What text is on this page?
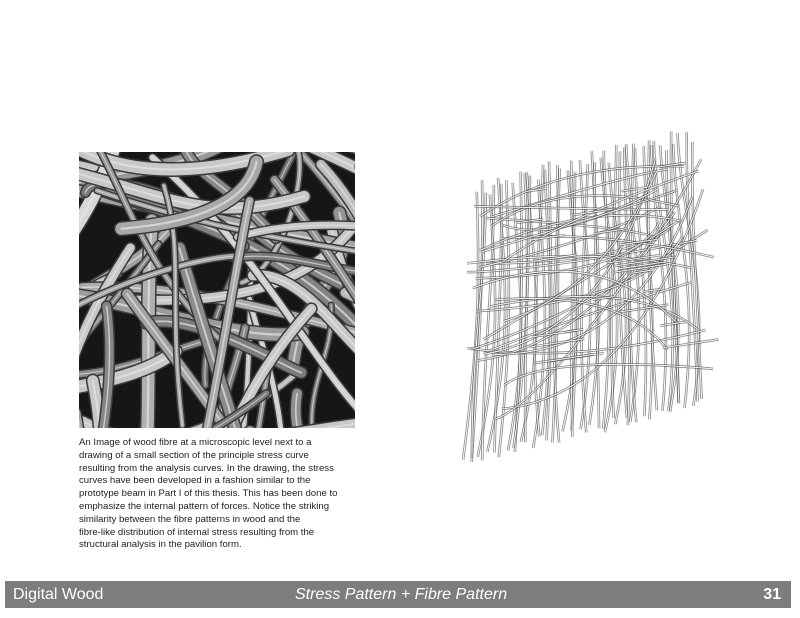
An Image of wood fibre at a microscopic level next to a
drawing of a small section of the principle stress curve
resulting from the analysis curves. In the drawing, the stress
curves have been developed in a fashion similar to the
prototype beam in Part I of this thesis. This has been done to
emphasize the internal pattern of forces. Notice the striking
similarity between the fibre patterns in wood and the
fibre-like distribution of internal stress resulting from the
structural analysis in the pavilion form.
Digital Wood	Stress Pattern + Fibre Pattern	31
